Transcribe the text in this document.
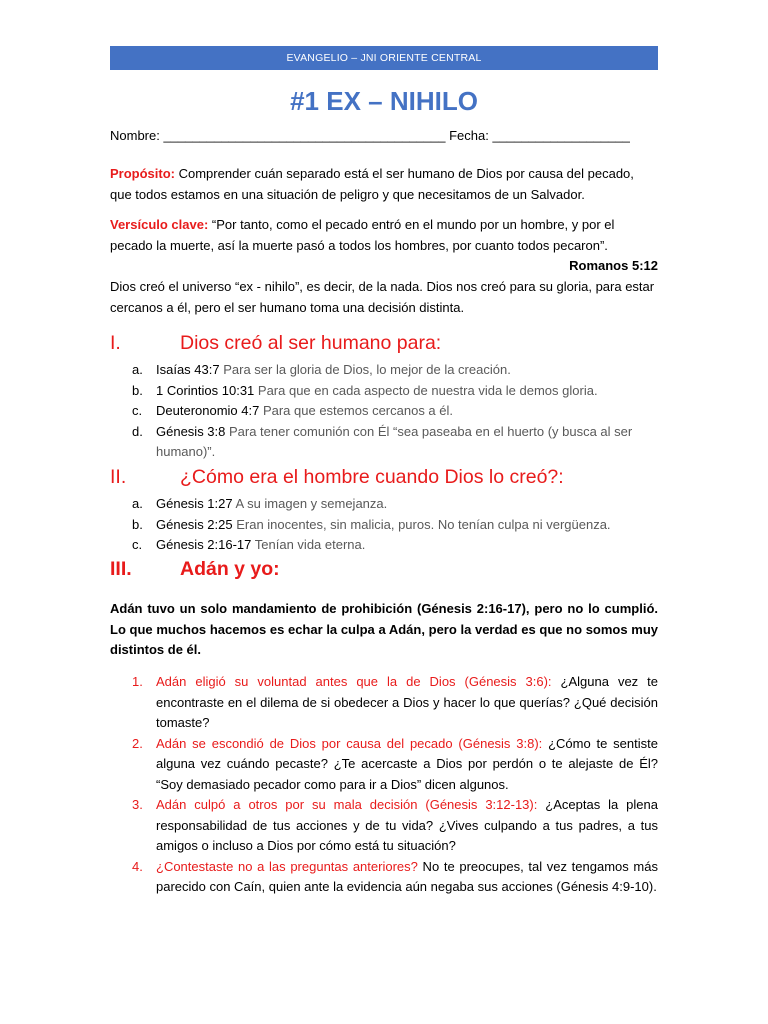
EVANGELIO – JNI ORIENTE CENTRAL
#1 EX – NIHILO
Nombre: _______________________________________ Fecha: ___________________
Propósito: Comprender cuán separado está el ser humano de Dios por causa del pecado, que todos estamos en una situación de peligro y que necesitamos de un Salvador.
Versículo clave: “Por tanto, como el pecado entró en el mundo por un hombre, y por el pecado la muerte, así la muerte pasó a todos los hombres, por cuanto todos pecaron”.
Romanos 5:12
Dios creó el universo “ex - nihilo”, es decir, de la nada. Dios nos creó para su gloria, para estar cercanos a él, pero el ser humano toma una decisión distinta.
I.	Dios creó al ser humano para:
a. Isaías 43:7 Para ser la gloria de Dios, lo mejor de la creación.
b. 1 Corintios 10:31 Para que en cada aspecto de nuestra vida le demos gloria.
c. Deuteronomio 4:7 Para que estemos cercanos a él.
d. Génesis 3:8 Para tener comunión con Él “sea paseaba en el huerto (y busca al ser humano)”.
II.	¿Cómo era el hombre cuando Dios lo creó?:
a. Génesis 1:27 A su imagen y semejanza.
b. Génesis 2:25 Eran inocentes, sin malicia, puros. No tenían culpa ni vergüenza.
c. Génesis 2:16-17 Tenían vida eterna.
III. Adán y yo:
Adán tuvo un solo mandamiento de prohibición (Génesis 2:16-17), pero no lo cumplió. Lo que muchos hacemos es echar la culpa a Adán, pero la verdad es que no somos muy distintos de él.
1. Adán eligió su voluntad antes que la de Dios (Génesis 3:6): ¿Alguna vez te encontraste en el dilema de si obedecer a Dios y hacer lo que querías? ¿Qué decisión tomaste?
2. Adán se escondió de Dios por causa del pecado (Génesis 3:8): ¿Cómo te sentiste alguna vez cuándo pecaste? ¿Te acercaste a Dios por perdón o te alejaste de Él? “Soy demasiado pecador como para ir a Dios” dicen algunos.
3. Adán culpó a otros por su mala decisión (Génesis 3:12-13): ¿Aceptas la plena responsabilidad de tus acciones y de tu vida? ¿Vives culpando a tus padres, a tus amigos o incluso a Dios por cómo está tu situación?
4. ¿Contestaste no a las preguntas anteriores? No te preocupes, tal vez tengamos más parecido con Caín, quien ante la evidencia aún negaba sus acciones (Génesis 4:9-10).
